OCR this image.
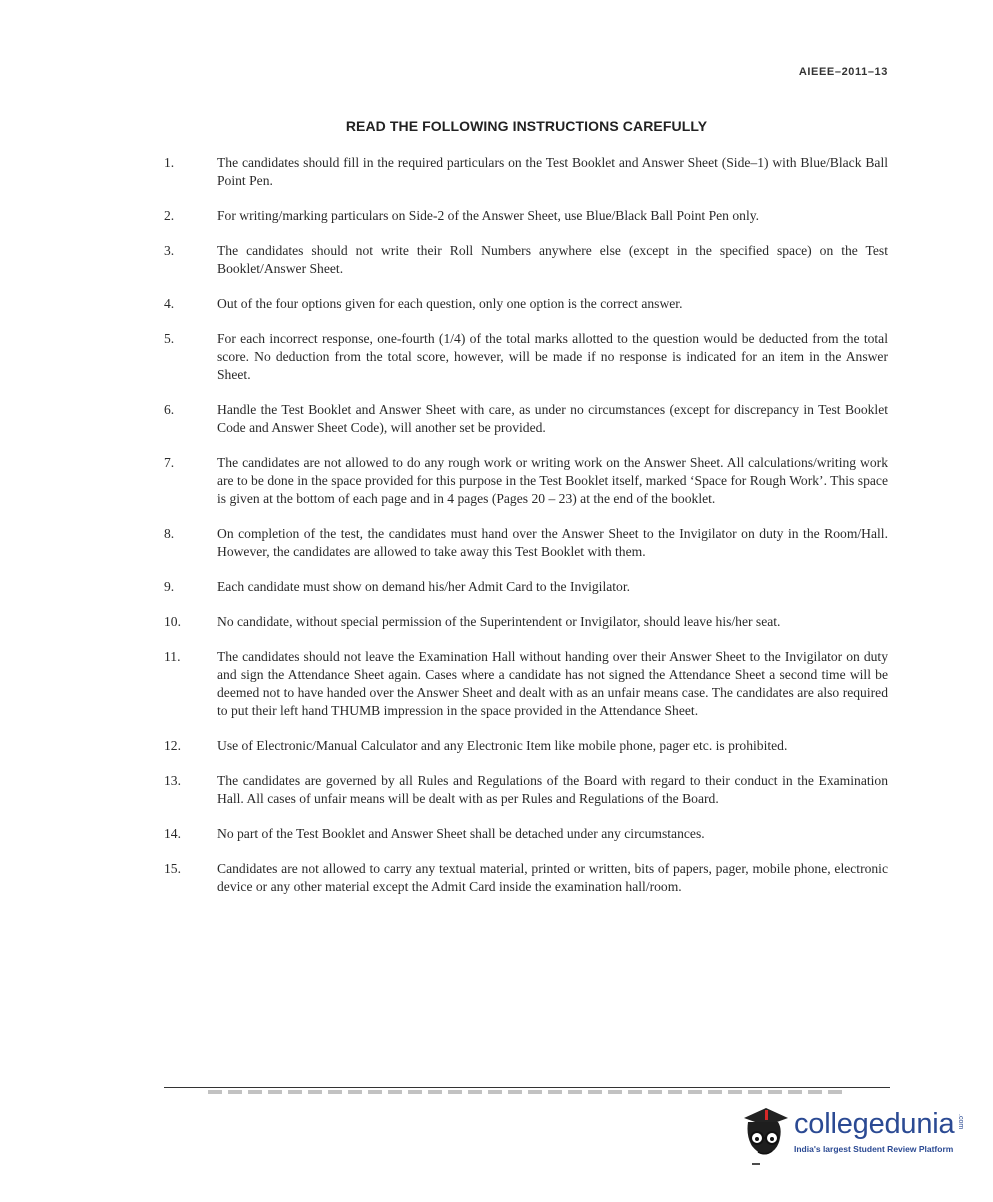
AIEEE–2011–13
READ THE FOLLOWING INSTRUCTIONS CAREFULLY
1.	The candidates should fill in the required particulars on the Test Booklet and Answer Sheet (Side–1) with Blue/Black Ball Point Pen.
2.	For writing/marking particulars on Side-2 of the Answer Sheet, use Blue/Black Ball Point Pen only.
3.	The candidates should not write their Roll Numbers anywhere else (except in the specified space) on the Test Booklet/Answer Sheet.
4.	Out of the four options given for each question, only one option is the correct answer.
5.	For each incorrect response, one-fourth (1/4) of the total marks allotted to the question would be deducted from the total score. No deduction from the total score, however, will be made if no response is indicated for an item in the Answer Sheet.
6.	Handle the Test Booklet and Answer Sheet with care, as under no circumstances (except for discrepancy in Test Booklet Code and Answer Sheet Code), will another set be provided.
7.	The candidates are not allowed to do any rough work or writing work on the Answer Sheet. All calculations/writing work are to be done in the space provided for this purpose in the Test Booklet itself, marked ‘Space for Rough Work’. This space is given at the bottom of each page and in 4 pages (Pages 20 – 23) at the end of the booklet.
8.	On completion of the test, the candidates must hand over the Answer Sheet to the Invigilator on duty in the Room/Hall. However, the candidates are allowed to take away this Test Booklet with them.
9.	Each candidate must show on demand his/her Admit Card to the Invigilator.
10.	No candidate, without special permission of the Superintendent or Invigilator, should leave his/her seat.
11.	The candidates should not leave the Examination Hall without handing over their Answer Sheet to the Invigilator on duty and sign the Attendance Sheet again. Cases where a candidate has not signed the Attendance Sheet a second time will be deemed not to have handed over the Answer Sheet and dealt with as an unfair means case. The candidates are also required to put their left hand THUMB impression in the space provided in the Attendance Sheet.
12.	Use of Electronic/Manual Calculator and any Electronic Item like mobile phone, pager etc. is prohibited.
13.	The candidates are governed by all Rules and Regulations of the Board with regard to their conduct in the Examination Hall. All cases of unfair means will be dealt with as per Rules and Regulations of the Board.
14.	No part of the Test Booklet and Answer Sheet shall be detached under any circumstances.
15.	Candidates are not allowed to carry any textual material, printed or written, bits of papers, pager, mobile phone, electronic device or any other material except the Admit Card inside the examination hall/room.
collegedunia .com
India's largest Student Review Platform
